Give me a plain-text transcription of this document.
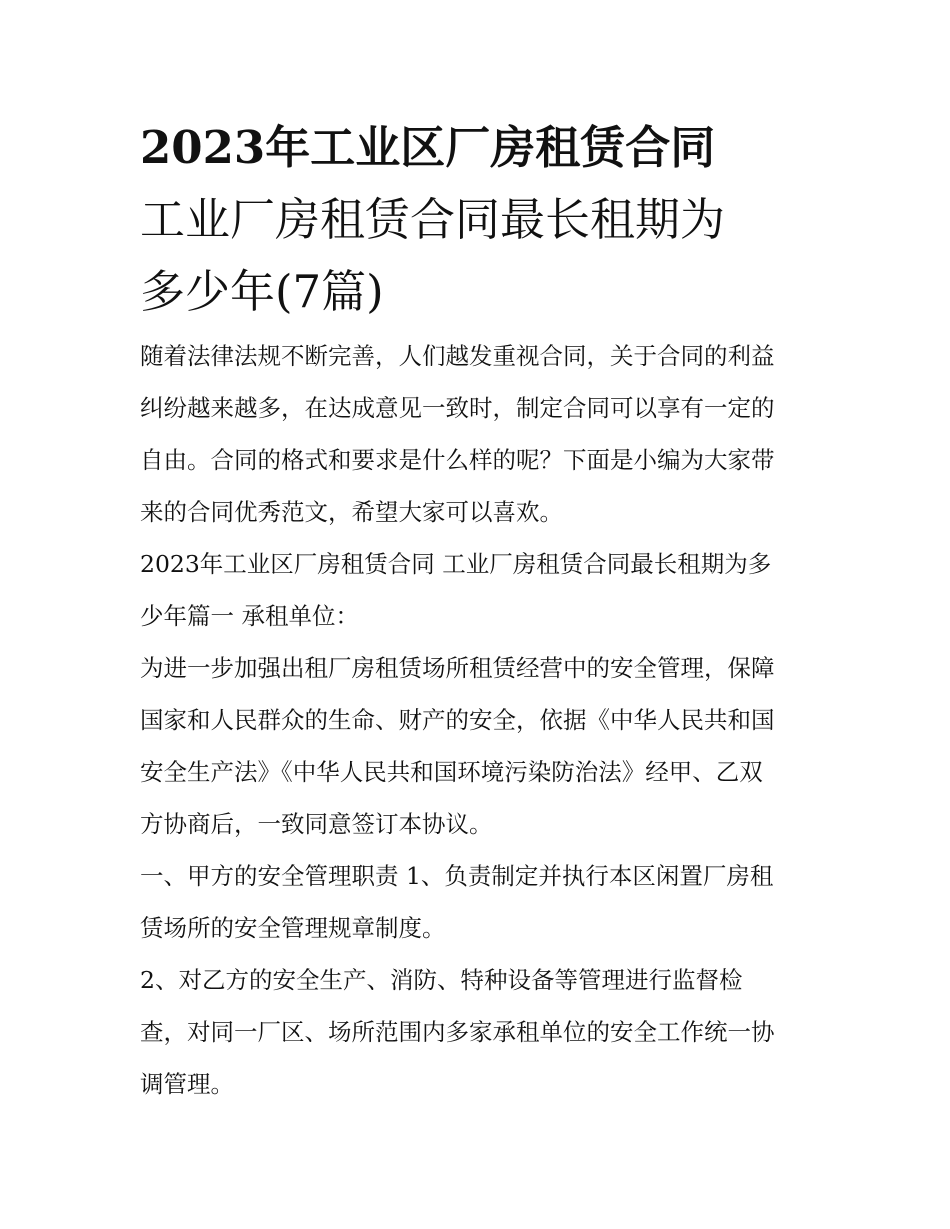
2023年工业区厂房租赁合同
工业厂房租赁合同最长租期为
多少年(7篇)

随着法律法规不断完善，人们越发重视合同，关于合同的利益
纠纷越来越多，在达成意见一致时，制定合同可以享有一定的
自由。合同的格式和要求是什么样的呢？下面是小编为大家带
来的合同优秀范文，希望大家可以喜欢。

2023年工业区厂房租赁合同 工业厂房租赁合同最长租期为多
少年篇一 承租单位：

为进一步加强出租厂房租赁场所租赁经营中的安全管理，保障
国家和人民群众的生命、财产的安全，依据《中华人民共和国
安全生产法》《中华人民共和国环境污染防治法》经甲、乙双
方协商后，一致同意签订本协议。

一、甲方的安全管理职责 1、负责制定并执行本区闲置厂房租
赁场所的安全管理规章制度。

2、对乙方的安全生产、消防、特种设备等管理进行监督检
查，对同一厂区、场所范围内多家承租单位的安全工作统一协
调管理。
